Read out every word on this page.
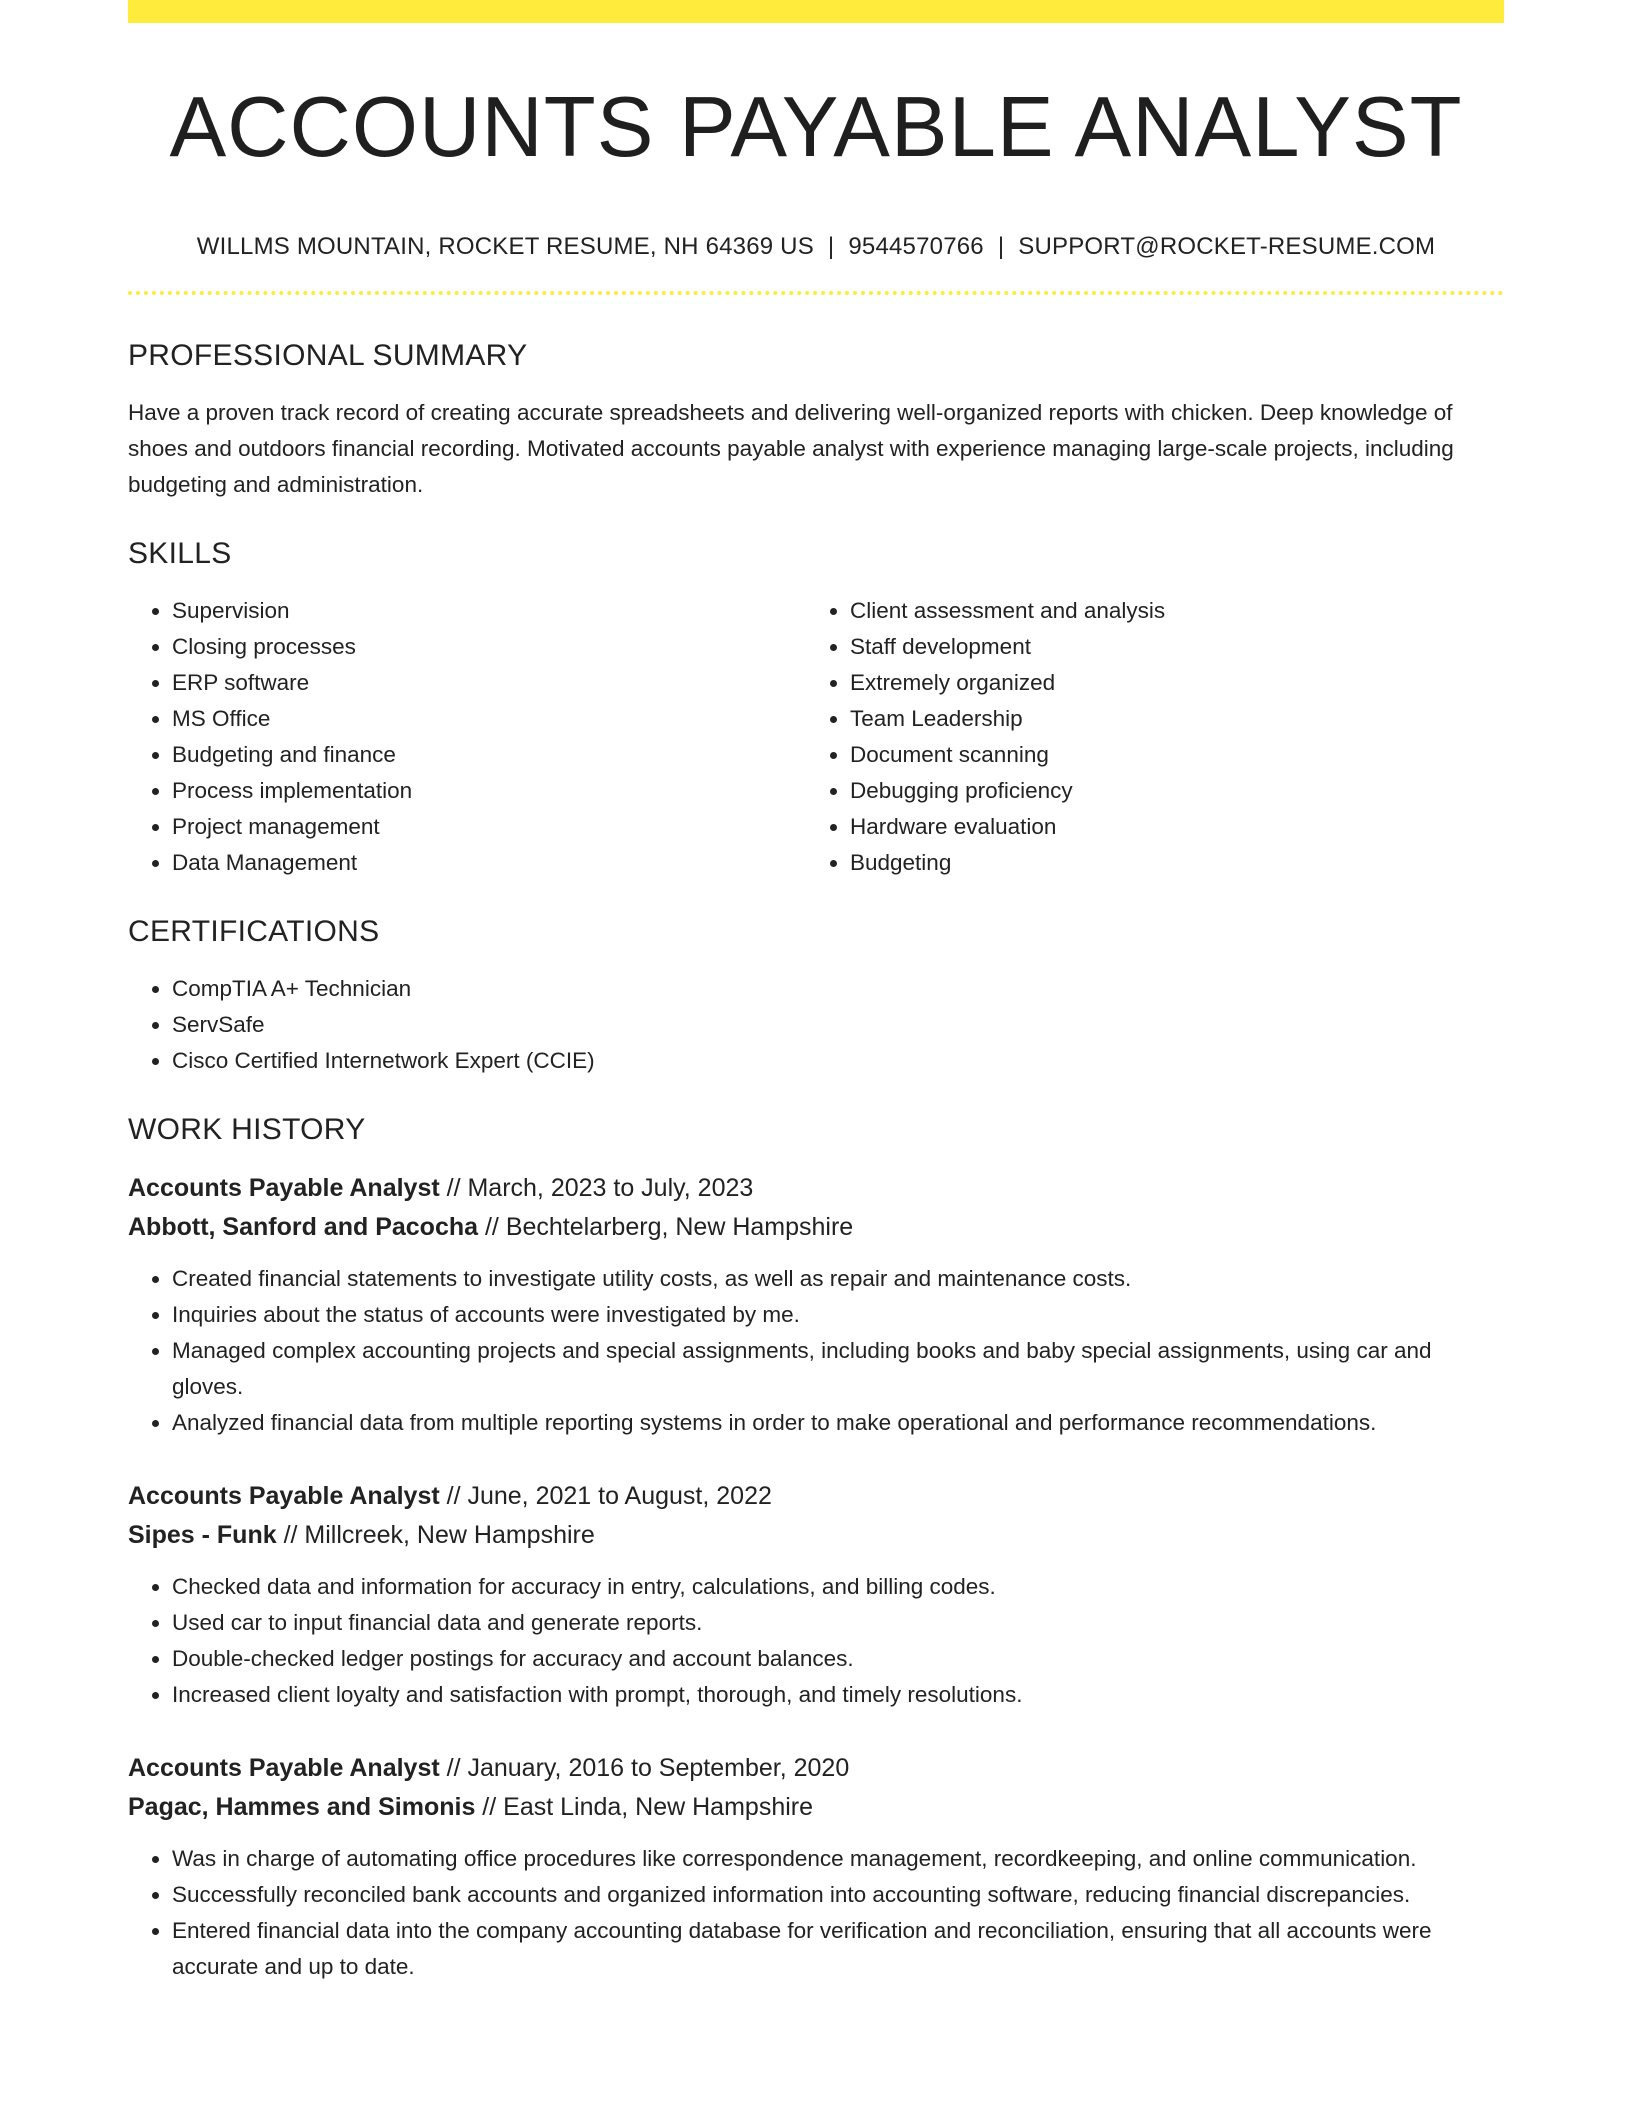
ACCOUNTS PAYABLE ANALYST
WILLMS MOUNTAIN, ROCKET RESUME, NH 64369 US | 9544570766 | SUPPORT@ROCKET-RESUME.COM
PROFESSIONAL SUMMARY
Have a proven track record of creating accurate spreadsheets and delivering well-organized reports with chicken. Deep knowledge of shoes and outdoors financial recording. Motivated accounts payable analyst with experience managing large-scale projects, including budgeting and administration.
SKILLS
• Supervision
• Closing processes
• ERP software
• MS Office
• Budgeting and finance
• Process implementation
• Project management
• Data Management
• Client assessment and analysis
• Staff development
• Extremely organized
• Team Leadership
• Document scanning
• Debugging proficiency
• Hardware evaluation
• Budgeting
CERTIFICATIONS
• CompTIA A+ Technician
• ServSafe
• Cisco Certified Internetwork Expert (CCIE)
WORK HISTORY
Accounts Payable Analyst // March, 2023 to July, 2023
Abbott, Sanford and Pacocha // Bechtelarberg, New Hampshire
• Created financial statements to investigate utility costs, as well as repair and maintenance costs.
• Inquiries about the status of accounts were investigated by me.
• Managed complex accounting projects and special assignments, including books and baby special assignments, using car and gloves.
• Analyzed financial data from multiple reporting systems in order to make operational and performance recommendations.
Accounts Payable Analyst // June, 2021 to August, 2022
Sipes - Funk // Millcreek, New Hampshire
• Checked data and information for accuracy in entry, calculations, and billing codes.
• Used car to input financial data and generate reports.
• Double-checked ledger postings for accuracy and account balances.
• Increased client loyalty and satisfaction with prompt, thorough, and timely resolutions.
Accounts Payable Analyst // January, 2016 to September, 2020
Pagac, Hammes and Simonis // East Linda, New Hampshire
• Was in charge of automating office procedures like correspondence management, recordkeeping, and online communication.
• Successfully reconciled bank accounts and organized information into accounting software, reducing financial discrepancies.
• Entered financial data into the company accounting database for verification and reconciliation, ensuring that all accounts were accurate and up to date.
